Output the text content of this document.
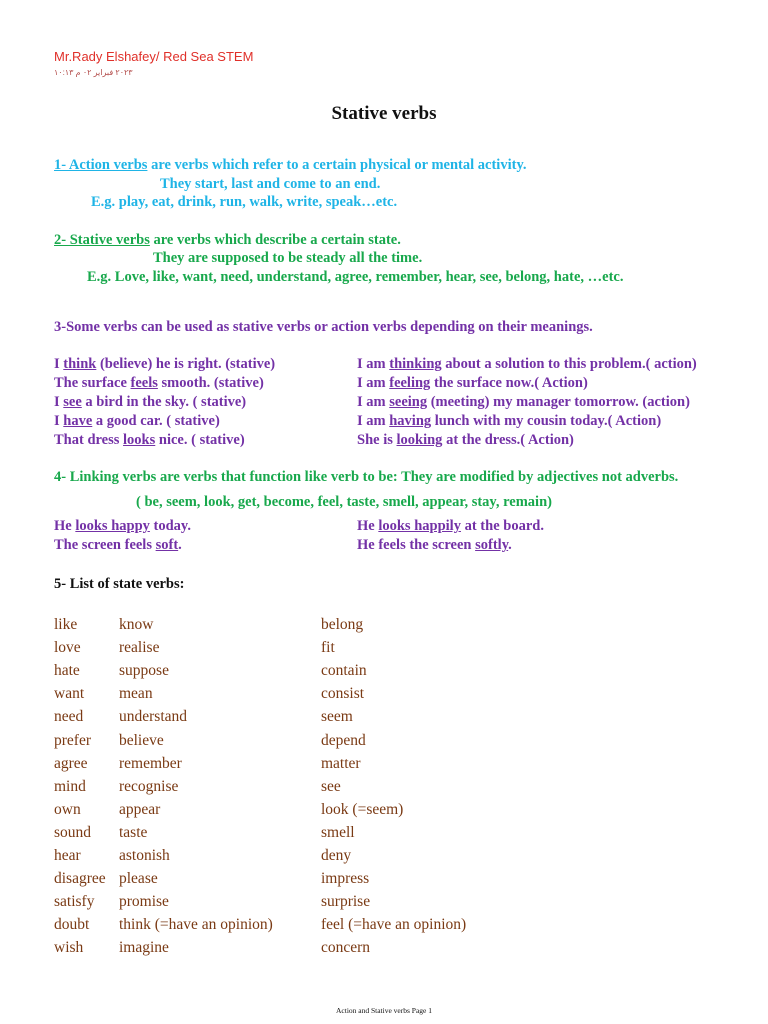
Mr.Rady Elshafey/ Red Sea STEM
٢٠٢٣ فبراير ٠٢ م ١٠:١٣
Stative verbs
1- Action verbs are verbs which refer to a certain physical or mental activity.
They start, last and come to an end.
E.g. play, eat, drink, run, walk, write, speak…etc.
2- Stative verbs are verbs which describe a certain state.
They are supposed to be steady all the time.
E.g. Love, like, want, need, understand, agree, remember, hear, see, belong, hate, …etc.
3-Some verbs can be used as stative verbs or action verbs depending on their meanings.
I think (believe) he is right. (stative)
The surface feels smooth. (stative)
I see a bird in the sky. ( stative)
I have a good car. ( stative)
That dress looks nice. ( stative)
I am thinking about a solution to this problem.( action)
I am feeling the surface now.( Action)
I am seeing (meeting) my manager tomorrow. (action)
I am having lunch with my cousin today.( Action)
She is looking at the dress.( Action)
4- Linking verbs are verbs that function like verb to be: They are modified by adjectives not adverbs.
( be, seem, look, get, become, feel, taste, smell, appear, stay, remain)
He looks happy today.
The screen feels soft.
He looks happily at the board.
He feels the screen softly.
5- List of state verbs:
like
love
hate
want
need
prefer
agree
mind
own
sound
hear
disagree
satisfy
doubt
wish
know
realise
suppose
mean
understand
believe
remember
recognise
appear
taste
astonish
please
promise
think (=have an opinion)
imagine
belong
fit
contain
consist
seem
depend
matter
see
look (=seem)
smell
deny
impress
surprise
feel (=have an opinion)
concern
Action and Stative verbs Page 1
